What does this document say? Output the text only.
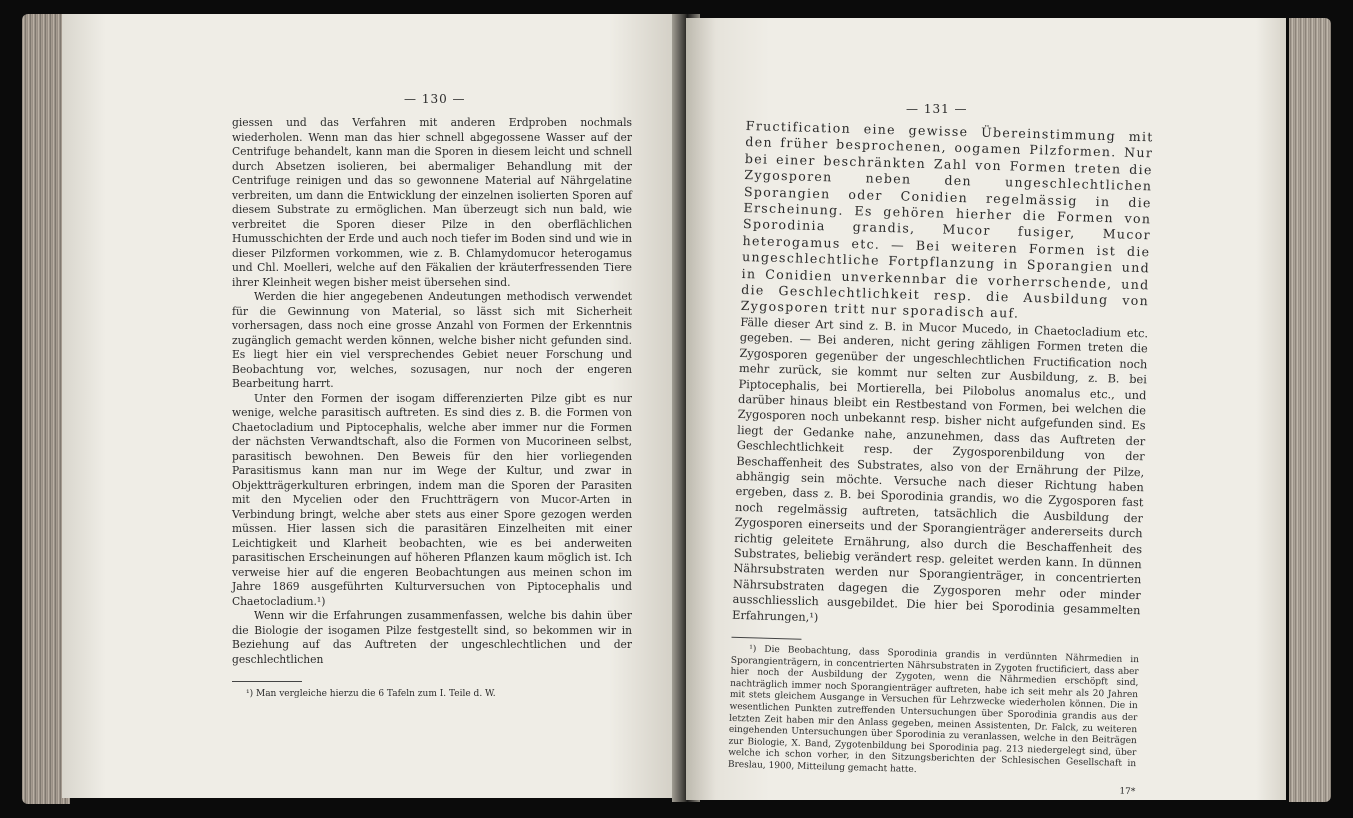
— 130 —

giessen und das Verfahren mit anderen Erdproben nochmals wiederholen. Wenn man das hier schnell abgegossene Wasser auf der Centrifuge behandelt, kann man die Sporen in diesem leicht und schnell durch Absetzen isolieren, bei abermaliger Behandlung mit der Centrifuge reinigen und das so gewonnene Material auf Nährgelatine verbreiten, um dann die Entwicklung der einzelnen isolierten Sporen auf diesem Substrate zu ermöglichen. Man überzeugt sich nun bald, wie verbreitet die Sporen dieser Pilze in den oberflächlichen Humusschichten der Erde und auch noch tiefer im Boden sind und wie in dieser Pilzformen vorkommen, wie z. B. Chlamydomucor heterogamus und Chl. Moelleri, welche auf den Fäkalien der kräuterfressenden Tiere ihrer Kleinheit wegen bisher meist übersehen sind.

Werden die hier angegebenen Andeutungen methodisch verwendet für die Gewinnung von Material, so lässt sich mit Sicherheit vorhersagen, dass noch eine grosse Anzahl von Formen der Erkenntnis zugänglich gemacht werden können, welche bisher nicht gefunden sind. Es liegt hier ein viel versprechendes Gebiet neuer Forschung und Beobachtung vor, welches, sozusagen, nur noch der engeren Bearbeitung harrt.

Unter den Formen der isogam differenzierten Pilze gibt es nur wenige, welche parasitisch auftreten. Es sind dies z. B. die Formen von Chaetocladium und Piptocephalis, welche aber immer nur die Formen der nächsten Verwandtschaft, also die Formen von Mucorineen selbst, parasitisch bewohnen. Den Beweis für den hier vorliegenden Parasitismus kann man nur im Wege der Kultur, und zwar in Objektträgerkulturen erbringen, indem man die Sporen der Parasiten mit den Mycelien oder den Fruchtträgern von Mucor-Arten in Verbindung bringt, welche aber stets aus einer Spore gezogen werden müssen. Hier lassen sich die parasitären Einzelheiten mit einer Leichtigkeit und Klarheit beobachten, wie es bei anderweiten parasitischen Erscheinungen auf höheren Pflanzen kaum möglich ist. Ich verweise hier auf die engeren Beobachtungen aus meinen schon im Jahre 1869 ausgeführten Kulturversuchen von Piptocephalis und Chaetocladium.¹)

Wenn wir die Erfahrungen zusammenfassen, welche bis dahin über die Biologie der isogamen Pilze festgestellt sind, so bekommen wir in Beziehung auf das Auftreten der ungeschlechtlichen und der geschlechtlichen

¹) Man vergleiche hierzu die 6 Tafeln zum I. Teile d. W.
— 131 —

Fructification eine gewisse Übereinstimmung mit den früher besprochenen, oogamen Pilzformen. Nur bei einer beschränkten Zahl von Formen treten die Zygosporen neben den ungeschlechtlichen Sporangien oder Conidien regelmässig in die Erscheinung. Es gehören hierher die Formen von Sporodinia grandis, Mucor fusiger, Mucor heterogamus etc. — Bei weiteren Formen ist die ungeschlechtliche Fortpflanzung in Sporangien und in Conidien unverkennbar die vorherrschende, und die Geschlechtlichkeit resp. die Ausbildung von Zygosporen tritt nur sporadisch auf.

Fälle dieser Art sind z. B. in Mucor Mucedo, in Chaetocladium etc. gegeben. — Bei anderen, nicht gering zähligen Formen treten die Zygosporen gegenüber der ungeschlechtlichen Fructification noch mehr zurück, sie kommt nur selten zur Ausbildung, z. B. bei Piptocephalis, bei Mortierella, bei Pilobolus anomalus etc., und darüber hinaus bleibt ein Restbestand von Formen, bei welchen die Zygosporen noch unbekannt resp. bisher nicht aufgefunden sind. Es liegt der Gedanke nahe, anzunehmen, dass das Auftreten der Geschlechtlichkeit resp. der Zygosporenbildung von der Beschaffenheit des Substrates, also von der Ernährung der Pilze, abhängig sein möchte. Versuche nach dieser Richtung haben ergeben, dass z. B. bei Sporodinia grandis, wo die Zygosporen fast noch regelmässig auftreten, tatsächlich die Ausbildung der Zygosporen einerseits und der Sporangienträger andererseits durch richtig geleitete Ernährung, also durch die Beschaffenheit des Substrates, beliebig verändert resp. geleitet werden kann. In dünnen Nährsubstraten werden nur Sporangienträger, in concentrierten Nährsubstraten dagegen die Zygosporen mehr oder minder ausschliesslich ausgebildet. Die hier bei Sporodinia gesammelten Erfahrungen,¹)

¹) Die Beobachtung, dass Sporodinia grandis in verdünnten Nährmedien in Sporangienträgern, in concentrierten Nährsubstraten in Zygoten fructificiert, dass aber hier noch der Ausbildung der Zygoten, wenn die Nährmedien erschöpft sind, nachträglich immer noch Sporangienträger auftreten, habe ich seit mehr als 20 Jahren mit stets gleichem Ausgange in Versuchen für Lehrzwecke wiederholen können. Die in wesentlichen Punkten zutreffenden Untersuchungen über Sporodinia grandis aus der letzten Zeit haben mir den Anlass gegeben, meinen Assistenten, Dr. Falck, zu weiteren eingehenden Untersuchungen über Sporodinia zu veranlassen, welche in den Beiträgen zur Biologie, X. Band, Zygotenbildung bei Sporodinia pag. 213 niedergelegt sind, über welche ich schon vorher, in den Sitzungsberichten der Schlesischen Gesellschaft in Breslau, 1900, Mitteilung gemacht hatte.

17*
